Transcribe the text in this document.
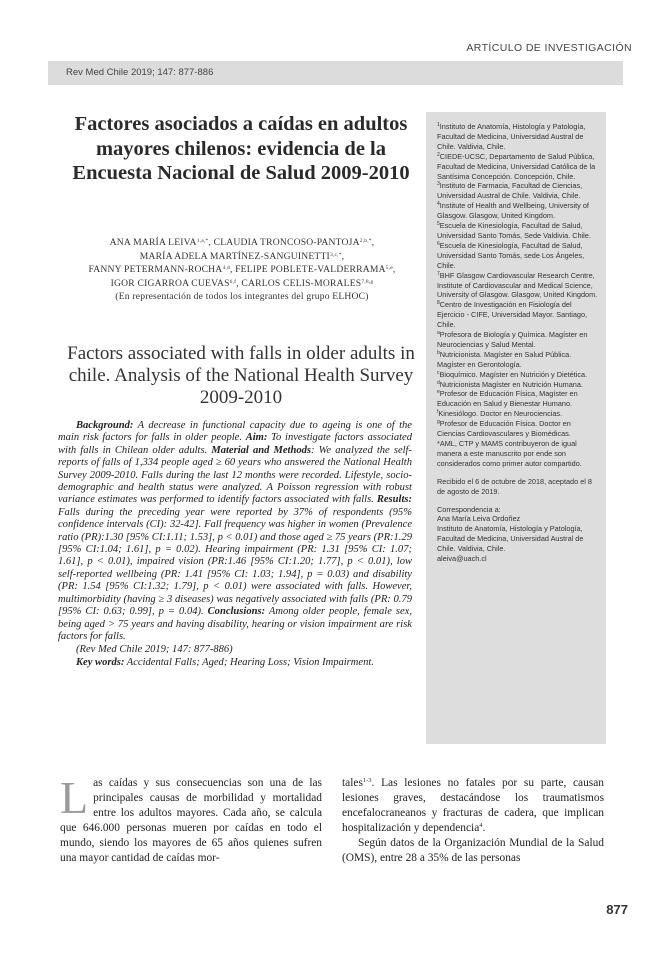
ARTÍCULO DE INVESTIGACIÓN
Rev Med Chile 2019; 147: 877-886
Factores asociados a caídas en adultos mayores chilenos: evidencia de la Encuesta Nacional de Salud 2009-2010
ANA MARÍA $LEIVA^{1,a,*}$, CLAUDIA TRONCOSO-$PANTOJA^{2,b,*}$,
MARÍA ADELA MARTÍNEZ-$SANGUINETTI^{3,c,*}$,
FANNY PETERMANN-ROCHA$^{4,d}$, FELIPE POBLETE-VALDERRAMA$^{5,e}$,
IGOR CIGARROA CUEVAS$^{6,f}$, CARLOS CELIS-MORALES$^{7,8,g}$
(En representación de todos los integrantes del grupo ELHOC)
Factors associated with falls in older adults in chile. Analysis of the National Health Survey 2009-2010

Background: A decrease in functional capacity due to ageing is one of the main risk factors for falls in older people. Aim: To investigate factors associated with falls in Chilean older adults. Material and Methods: We analyzed the self-reports of falls of 1,334 people aged ≥ 60 years who answered the National Health Survey 2009-2010. Falls during the last 12 months were recorded. Lifestyle, socio-demographic and health status were analyzed. A Poisson regression with robust variance estimates was performed to identify factors associated with falls. Results: Falls during the preceding year were reported by 37% of respondents (95% confidence intervals (CI): 32-42]. Fall frequency was higher in women (Prevalence ratio (PR):1.30 [95% CI:1.11; 1.53], p < 0.01) and those aged ≥ 75 years (PR:1.29 [95% CI:1.04; 1.61], p = 0.02). Hearing impairment (PR: 1.31 [95% CI: 1.07; 1.61], p < 0.01), impaired vision (PR:1.46 [95% CI:1.20; 1.77], p < 0.01), low self-reported wellbeing (PR: 1.41 [95% CI: 1.03; 1.94], p = 0.03) and disability (PR: 1.54 [95% CI:1.32; 1.79], p < 0.01) were associated with falls. However, multimorbidity (having ≥ 3 diseases) was negatively associated with falls (PR: 0.79 [95% CI: 0.63; 0.99], p = 0.04). Conclusions: Among older people, female sex, being aged > 75 years and having disability, hearing or vision impairment are risk factors for falls.

(Rev Med Chile 2019; 147: 877-886)

Key words: Accidental Falls; Aged; Hearing Loss; Vision Impairment.

$^1$Instituto de Anatomía, Histología y Patología, Facultad de Medicina, Universidad Austral de Chile. Valdivia, Chile.

$^2$CIEDE-UCSC, Departamento de Salud Pública, Facultad de Medicina, Universidad Católica de la Santísima Concepción. Concepción, Chile.

$^3$Instituto de Farmacia, Facultad de Ciencias, Universidad Austral de Chile. Valdivia, Chile.

$^4$Institute of Health and Wellbeing, University of Glasgow. Glasgow, United Kingdom.

$^5$Escuela de Kinesiología, Facultad de Salud, Universidad Santo Tomás, Sede Valdivia. Chile.

$^6$Escuela de Kinesiología, Facultad de Salud, Universidad Santo Tomás, sede Los Ángeles, Chile.

$^7$BHF Glasgow Cardiovascular Research Centre, Institute of Cardiovascular and Medical Science, University of Glasgow. Glasgow, United Kingdom.

$^8$Centro de Investigación en Fisiología del Ejercicio - CIFE, Universidad Mayor. Santiago, Chile.

$^a$Profesora de Biología y Química. Magíster en Neurociencias y Salud Mental.

$^b$Nutricionista. Magíster en Salud Pública. Magíster en Gerontología.

$^c$Bioquímico. Magíster en Nutrición y Dietética.

$^d$Nutricionista Magíster en Nutrición Humana.

$^e$Profesor de Educación Física, Magíster en Educación en Salud y Bienestar Humano.

$^f$Kinesiólogo. Doctor en Neurociencias.

$^g$Profesor de Educación Física. Doctor en Ciencias Cardiovasculares y Biomédicas.

*AML, CTP y MAMS contribuyeron de igual manera a este manuscrito por ende son considerados como primer autor compartido.

Recibido el 6 de octubre de 2018, aceptado el 8 de agosto de 2019.

Correspondencia a:

Ana María Leiva Ordoñez

Instituto de Anatomía, Histología y Patología, Facultad de Medicina, Universidad Austral de Chile. Valdivia, Chile.

aleiva@uach.cl

Las caídas y sus consecuencias son una de las principales causas de morbilidad y mortalidad entre los adultos mayores. Cada año, se calcula que 646.000 personas mueren por caídas en todo el mundo, siendo los mayores de 65 años quienes sufren una mayor cantidad de caídas mor-

tales$^{1-3}$. Las lesiones no fatales por su parte, causan lesiones graves, destacándose los traumatismos encefalocraneanos y fracturas de cadera, que implican hospitalización y dependencia$^4$.

Según datos de la Organización Mundial de la Salud (OMS), entre 28 a 35% de las personas

877
